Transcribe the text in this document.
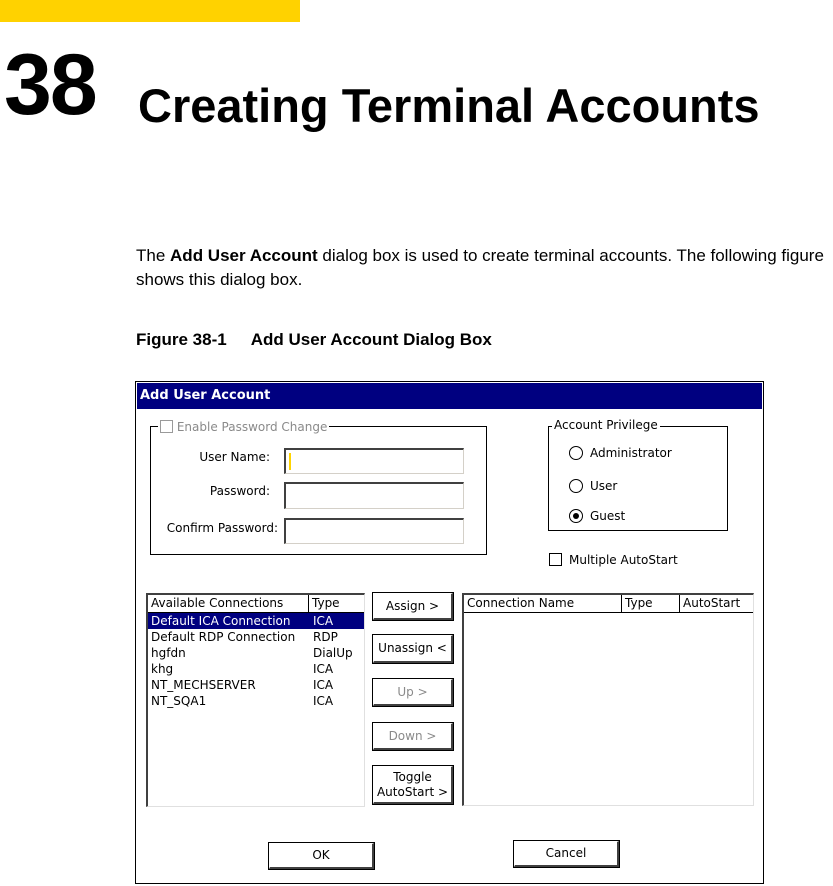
38 Creating Terminal Accounts
The Add User Account dialog box is used to create terminal accounts. The following figure shows this dialog box.
Figure 38-1 Add User Account Dialog Box
Add User Account
Enable Password Change
User Name:
Password:
Confirm Password:
Account Privilege
Administrator
User
Guest
Multiple AutoStart
Available Connections	Type
Default ICA Connection ICA
Default RDP Connection RDP
hgfdn	DialUp
khg	ICA
NT_MECHSERVER	ICA
NT_SQA1	ICA
Assign >
Unassign <
Up >
Down >
Toggle
AutoStart >
Connection Name	Type	AutoStart
OK	Cancel
